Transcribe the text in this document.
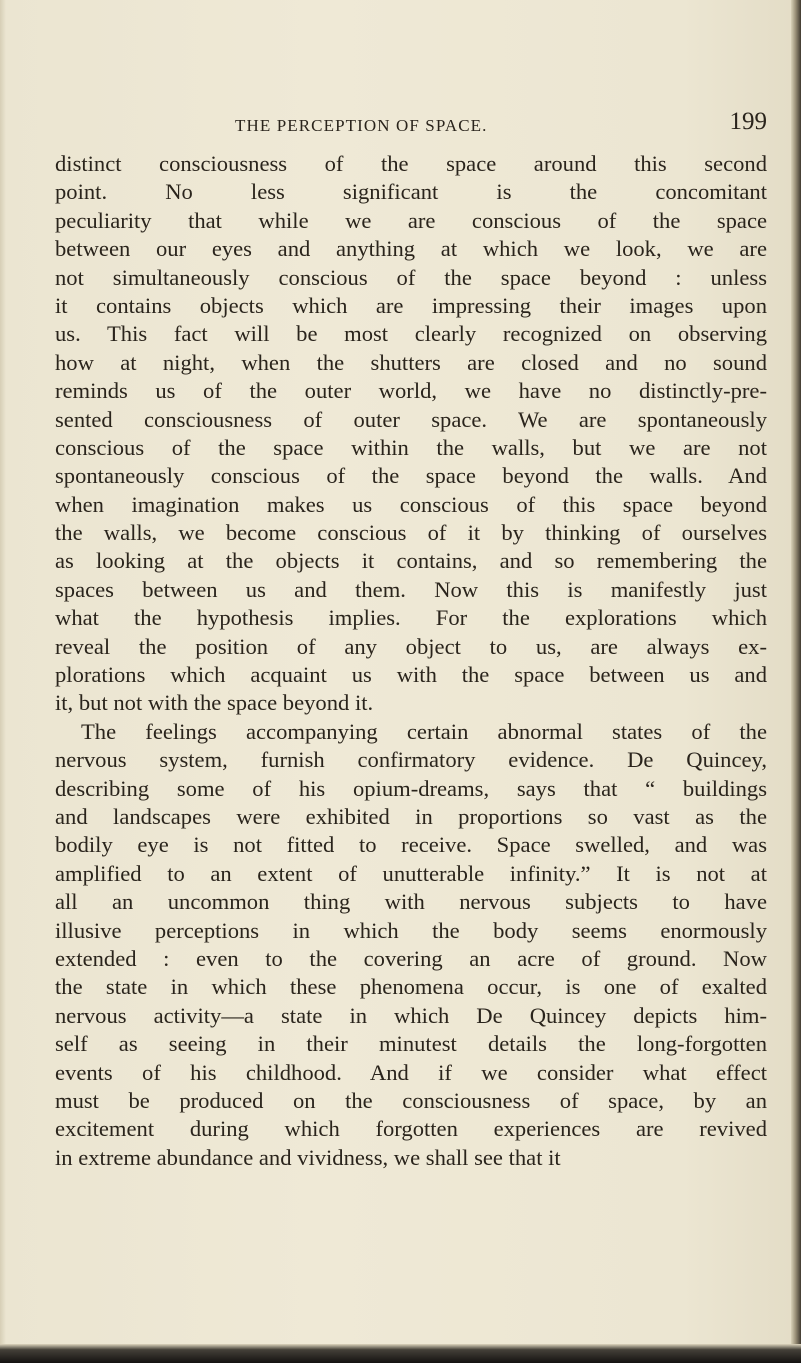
THE PERCEPTION OF SPACE.	199
distinct consciousness of the space around this second
point. No less significant is the concomitant
peculiarity that while we are conscious of the space
between our eyes and anything at which we look, we are
not simultaneously conscious of the space beyond : unless
it contains objects which are impressing their images upon
us. This fact will be most clearly recognized on observing
how at night, when the shutters are closed and no sound
reminds us of the outer world, we have no distinctly-pre-
sented consciousness of outer space. We are spontaneously
conscious of the space within the walls, but we are not
spontaneously conscious of the space beyond the walls. And
when imagination makes us conscious of this space beyond
the walls, we become conscious of it by thinking of ourselves
as looking at the objects it contains, and so remembering the
spaces between us and them. Now this is manifestly just
what the hypothesis implies. For the explorations which
reveal the position of any object to us, are always ex-
plorations which acquaint us with the space between us and
it, but not with the space beyond it.
The feelings accompanying certain abnormal states of the
nervous system, furnish confirmatory evidence. De Quincey,
describing some of his opium-dreams, says that “ buildings
and landscapes were exhibited in proportions so vast as the
bodily eye is not fitted to receive. Space swelled, and was
amplified to an extent of unutterable infinity.” It is not at
all an uncommon thing with nervous subjects to have
illusive perceptions in which the body seems enormously
extended : even to the covering an acre of ground. Now
the state in which these phenomena occur, is one of exalted
nervous activity—a state in which De Quincey depicts him-
self as seeing in their minutest details the long-forgotten
events of his childhood. And if we consider what effect
must be produced on the consciousness of space, by an
excitement during which forgotten experiences are revived
in extreme abundance and vividness, we shall see that it
